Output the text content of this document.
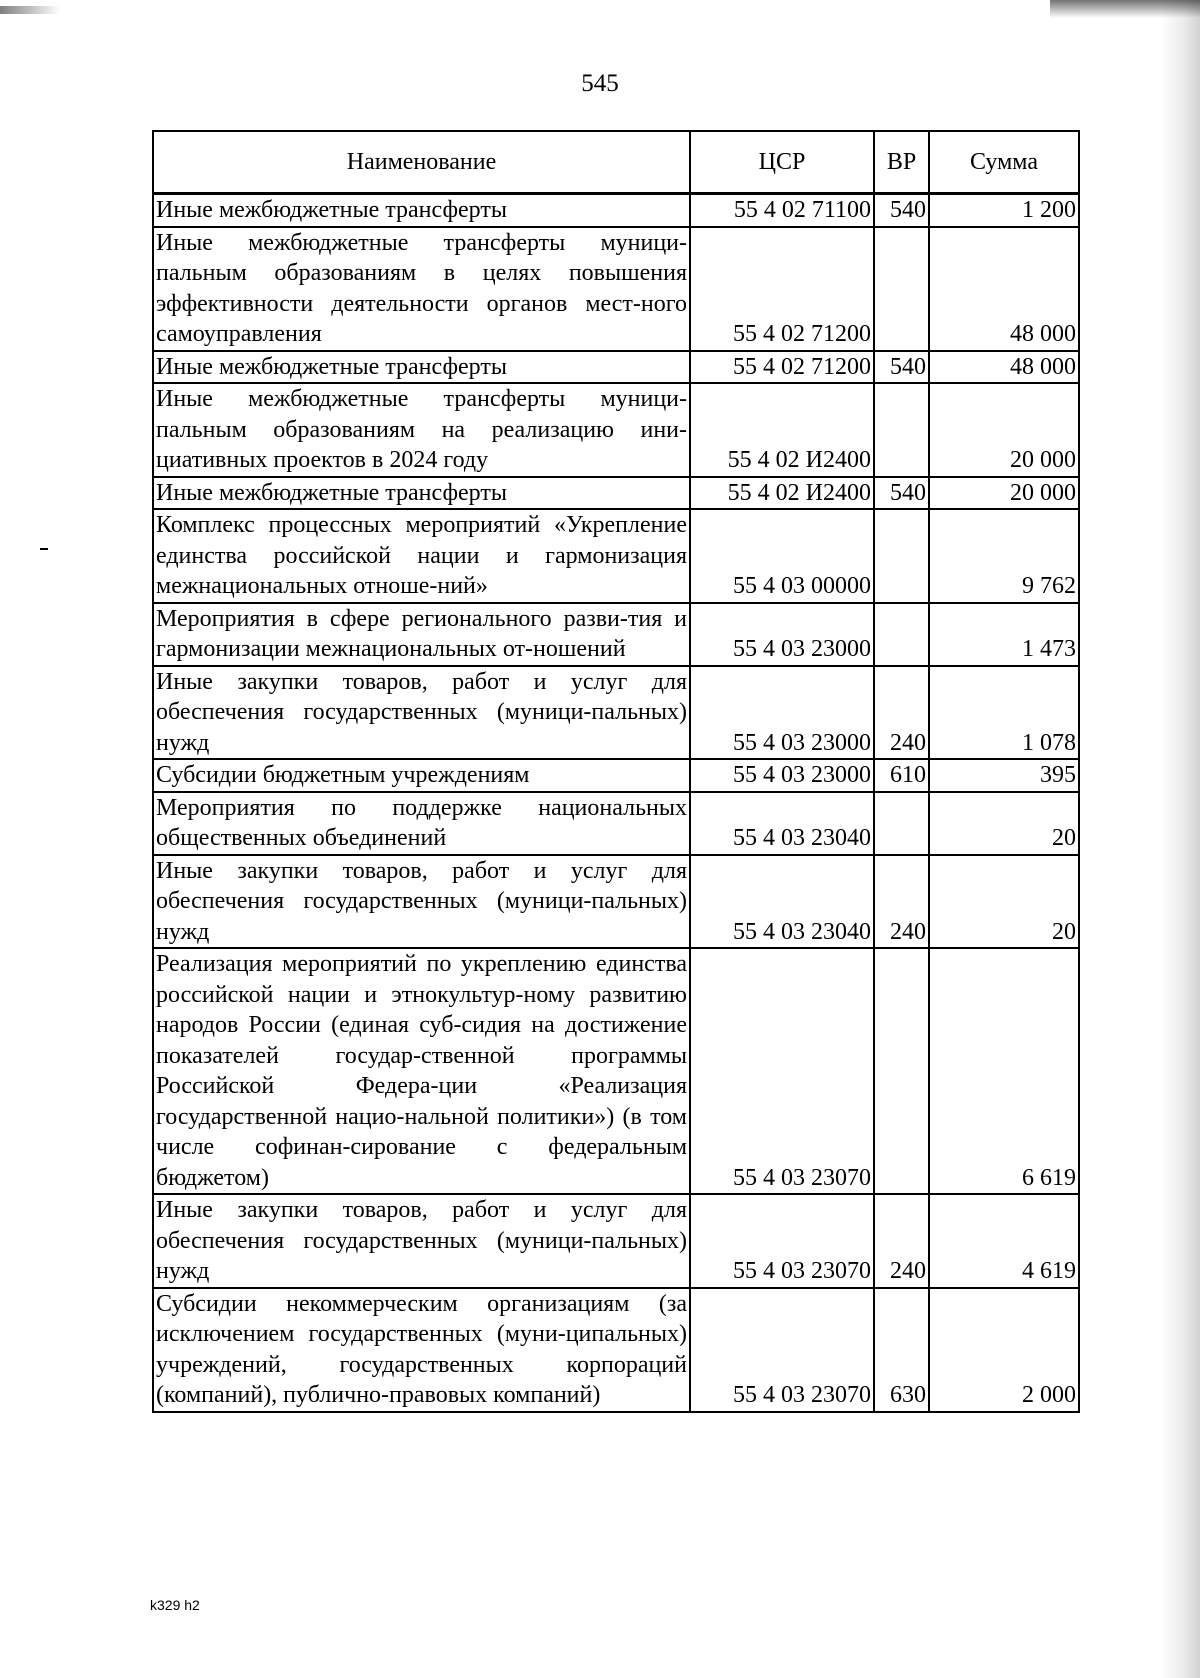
545
Наименование	ЦСР	ВР	Сумма
Иные межбюджетные трансферты	55 4 02 71100	540	1 200
Иные межбюджетные трансферты муници-пальным образованиям в целях повышения эффективности деятельности органов мест-ного самоуправления	55 4 02 71200		48 000
Иные межбюджетные трансферты	55 4 02 71200	540	48 000
Иные межбюджетные трансферты муници-пальным образованиям на реализацию ини-циативных проектов в 2024 году	55 4 02 И2400		20 000
Иные межбюджетные трансферты	55 4 02 И2400	540	20 000
Комплекс процессных мероприятий «Укрепление единства российской нации и гармонизация межнациональных отноше-ний»	55 4 03 00000		9 762
Мероприятия в сфере регионального разви-тия и гармонизации межнациональных от-ношений	55 4 03 23000		1 473
Иные закупки товаров, работ и услуг для обеспечения государственных (муници-пальных) нужд	55 4 03 23000	240	1 078
Субсидии бюджетным учреждениям	55 4 03 23000	610	395
Мероприятия по поддержке национальных общественных объединений	55 4 03 23040		20
Иные закупки товаров, работ и услуг для обеспечения государственных (муници-пальных) нужд	55 4 03 23040	240	20
Реализация мероприятий по укреплению единства российской нации и этнокультур-ному развитию народов России (единая суб-сидия на достижение показателей государ-ственной программы Российской Федера-ции «Реализация государственной нацио-нальной политики») (в том числе софинан-сирование с федеральным бюджетом)	55 4 03 23070		6 619
Иные закупки товаров, работ и услуг для обеспечения государственных (муници-пальных) нужд	55 4 03 23070	240	4 619
Субсидии некоммерческим организациям (за исключением государственных (муни-ципальных) учреждений, государственных корпораций (компаний), публично-правовых компаний)	55 4 03 23070	630	2 000
k329 h2
